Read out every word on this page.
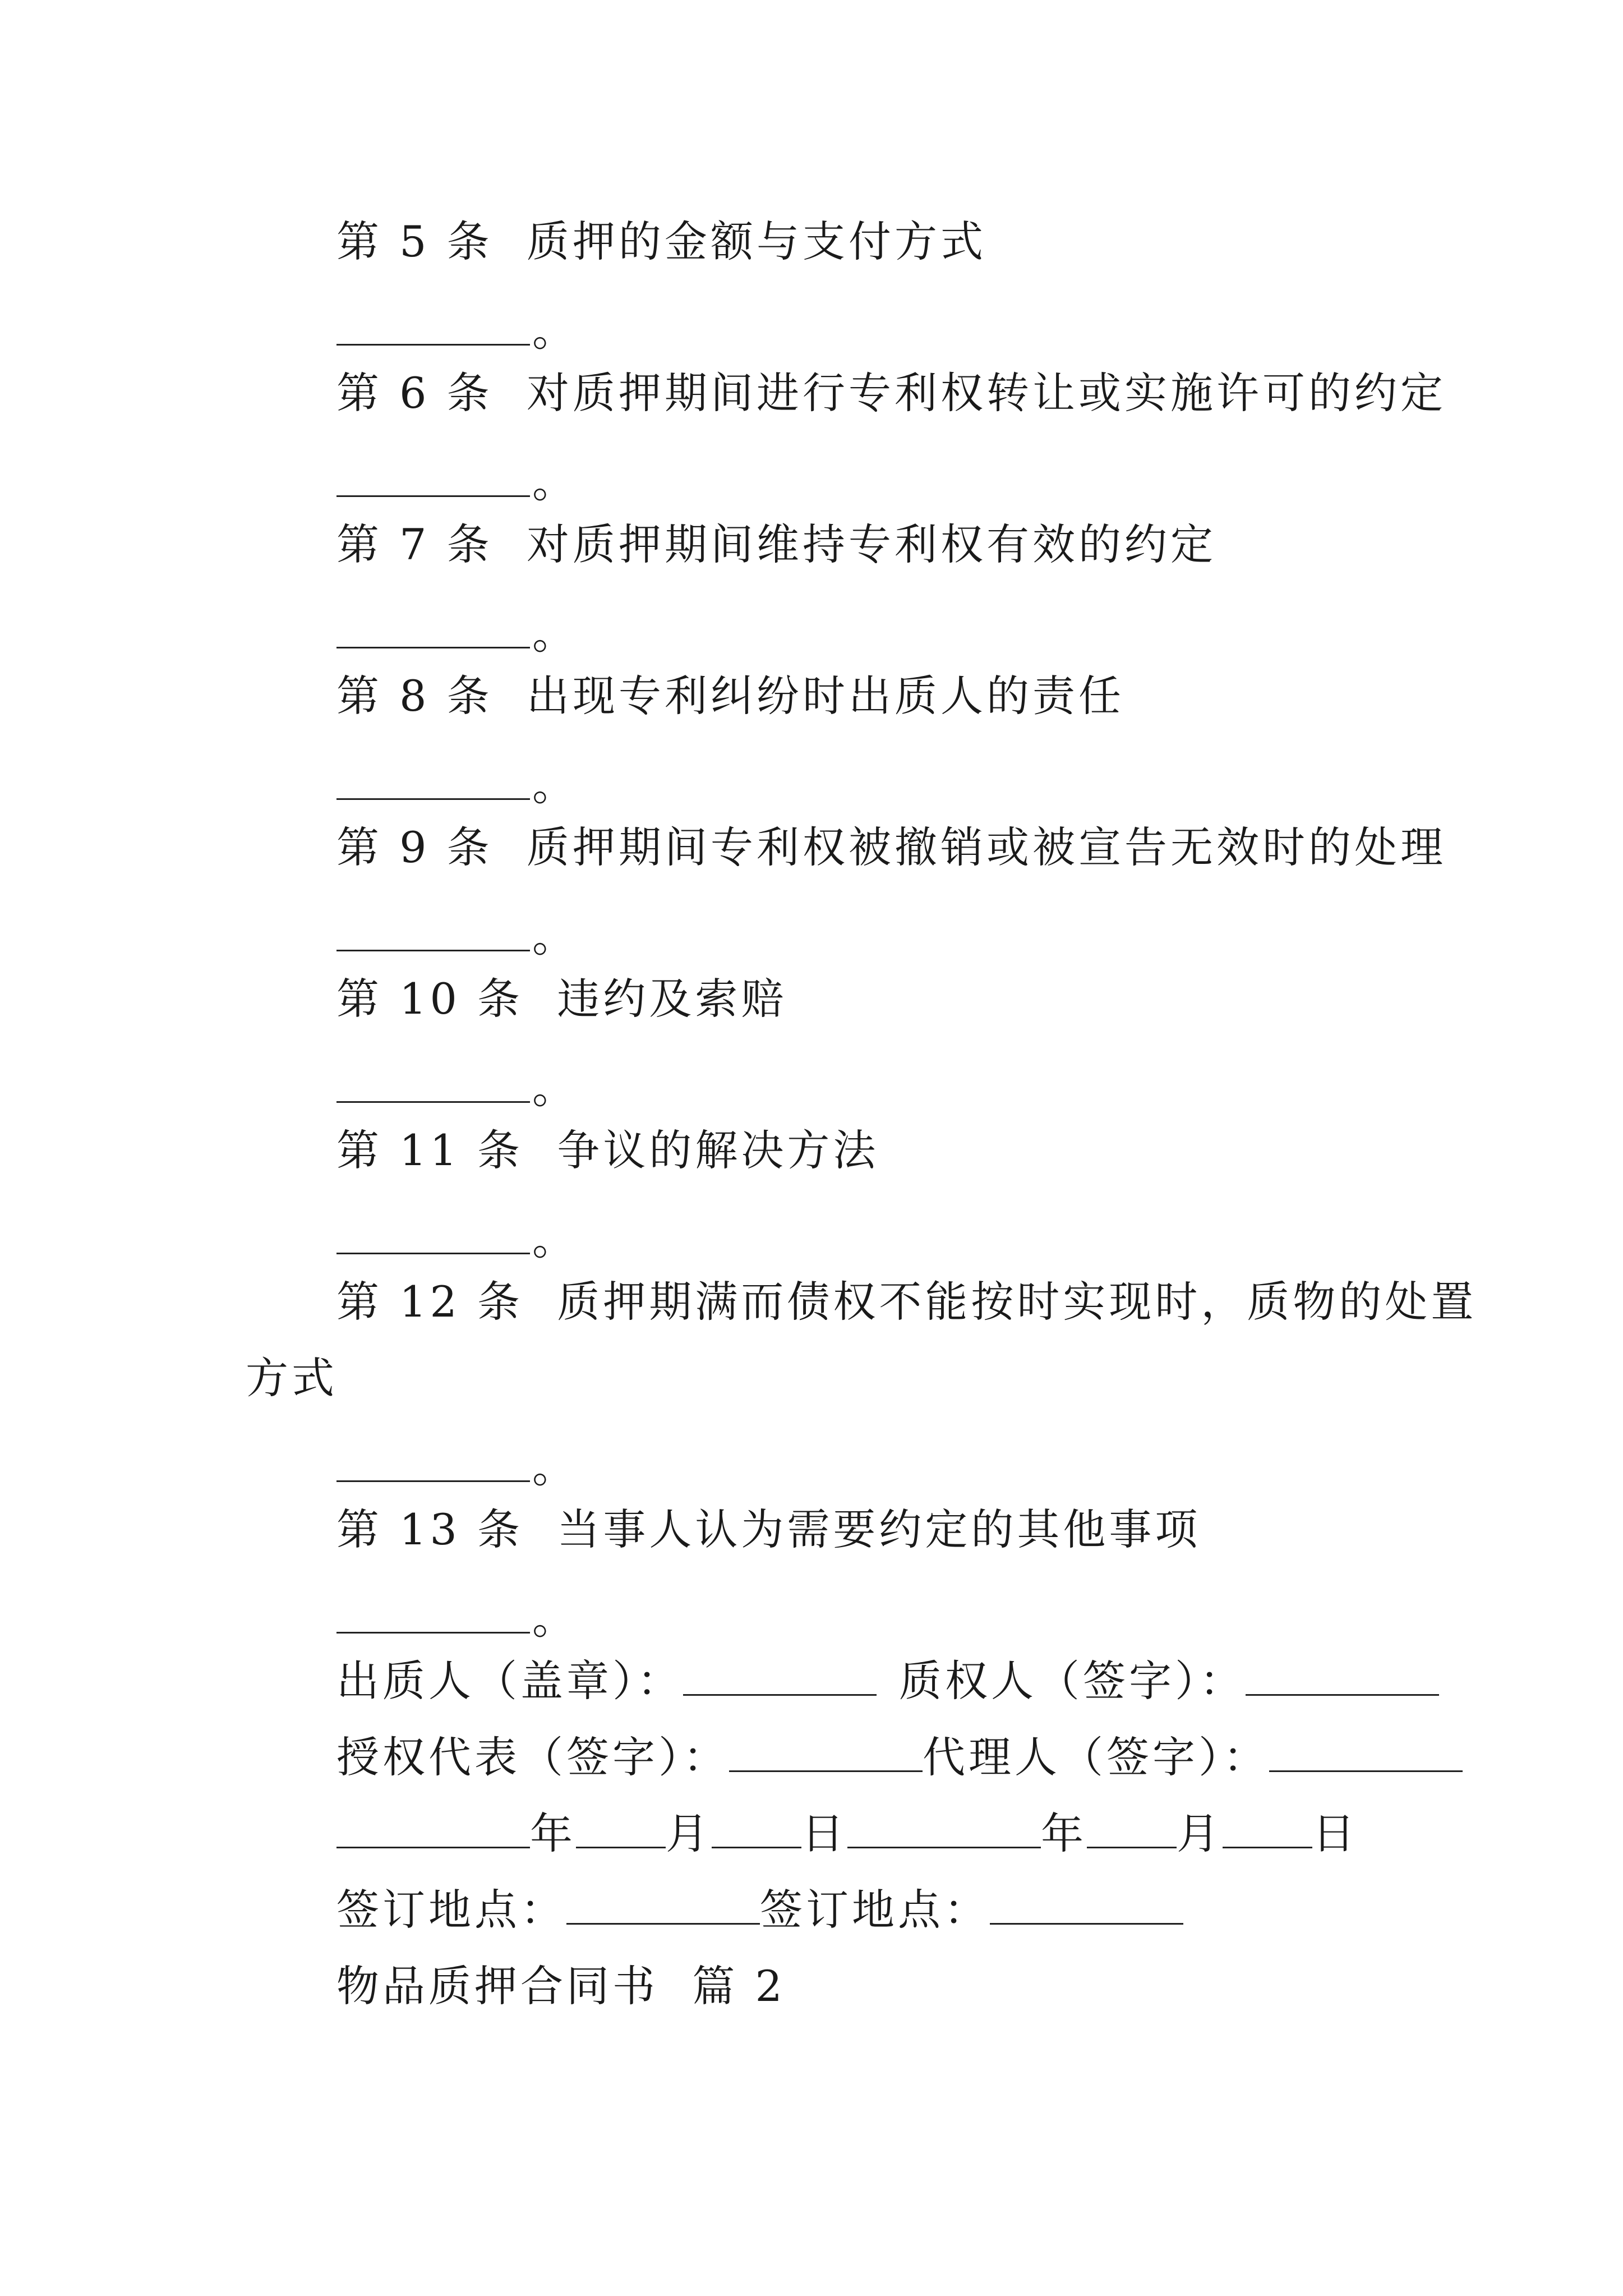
第 5 条  质押的金额与支付方式
。
第 6 条  对质押期间进行专利权转让或实施许可的约定
。
第 7 条  对质押期间维持专利权有效的约定
。
第 8 条  出现专利纠纷时出质人的责任
。
第 9 条  质押期间专利权被撤销或被宣告无效时的处理
。
第 10 条  违约及索赔
。
第 11 条  争议的解决方法
。
第 12 条  质押期满而债权不能按时实现时，质物的处置
方式
。
第 13 条  当事人认为需要约定的其他事项
。
出质人（盖章）：	质权人（签字）：
授权代表（签字）：	代理人（签字）：
年 月 日	年 月 日
签订地点：	签订地点：
物品质押合同书  篇 2
